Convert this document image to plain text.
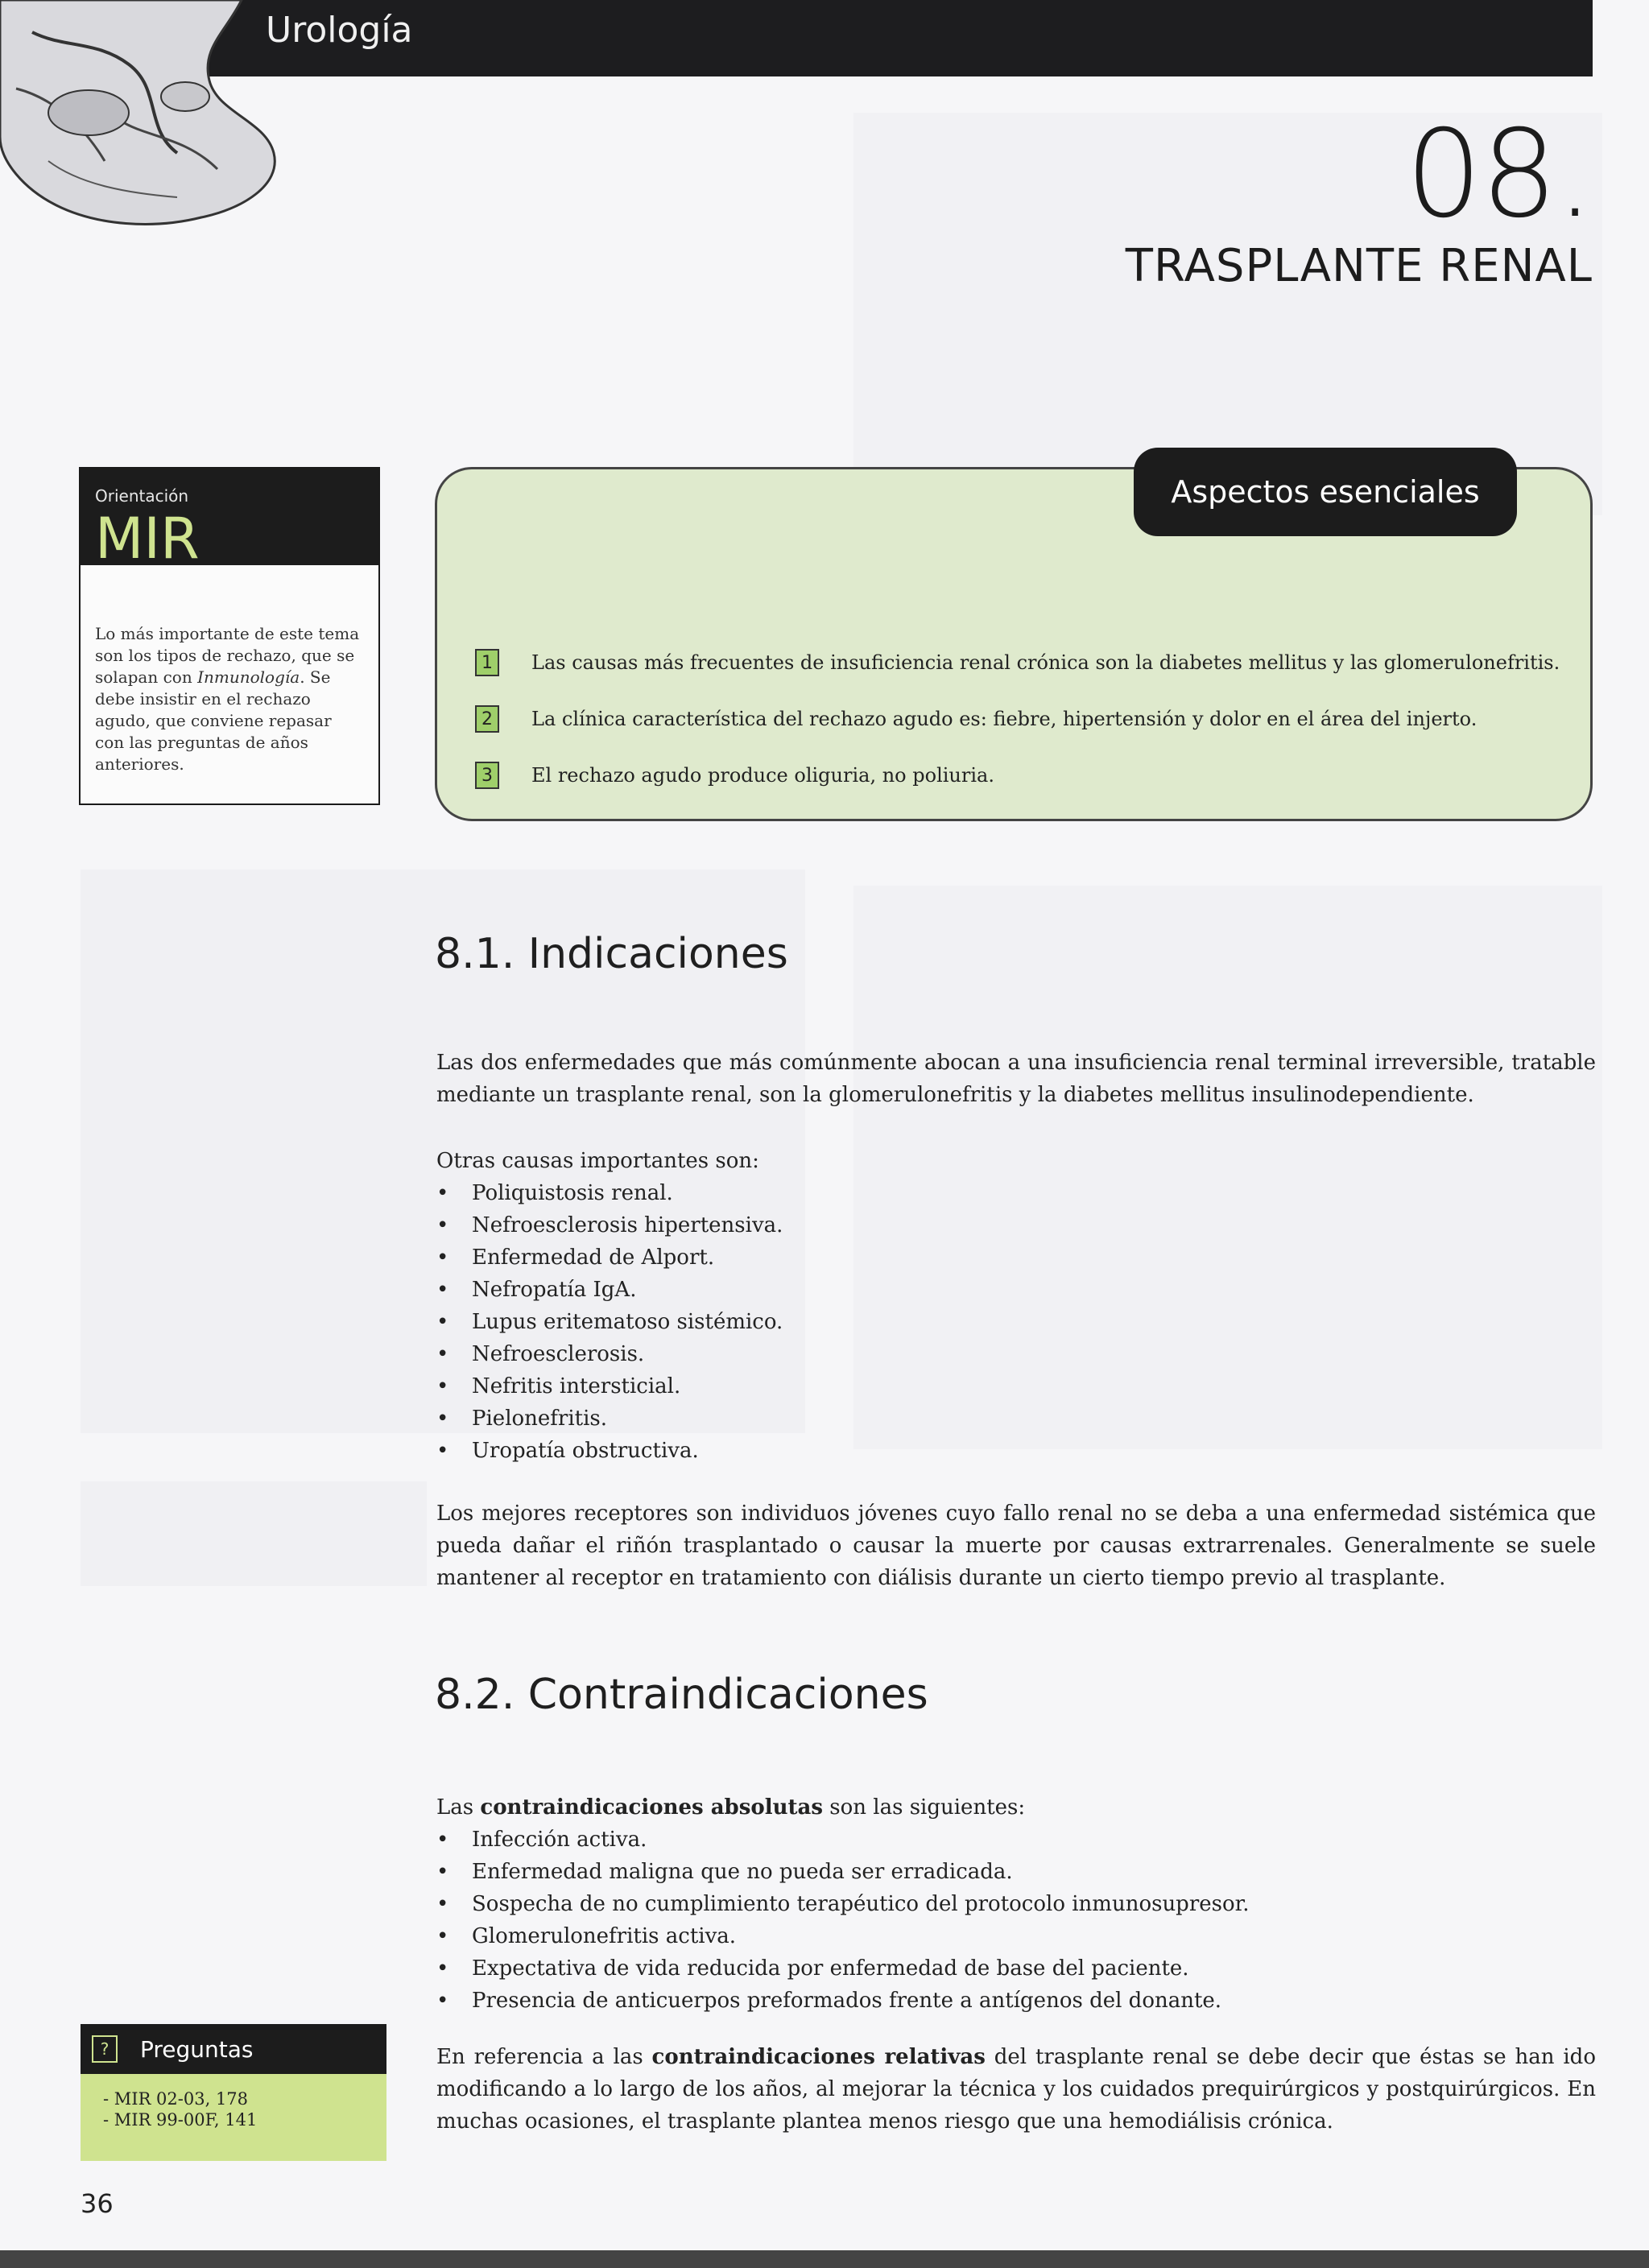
Urología
08.
TRASPLANTE RENAL
Orientación
MIR
Lo más importante de este tema son los tipos de rechazo, que se solapan con Inmunología. Se debe insistir en el rechazo agudo, que conviene repasar con las preguntas de años anteriores.
Aspectos esenciales
1	Las causas más frecuentes de insuficiencia renal crónica son la diabetes mellitus y las glomerulonefritis.
2	La clínica característica del rechazo agudo es: fiebre, hipertensión y dolor en el área del injerto.
3	El rechazo agudo produce oliguria, no poliuria.
8.1. Indicaciones
Las dos enfermedades que más comúnmente abocan a una insuficiencia renal terminal irreversible, tratable mediante un trasplante renal, son la glomerulonefritis y la diabetes mellitus insulinodependiente.
Otras causas importantes son:
• Poliquistosis renal.
• Nefroesclerosis hipertensiva.
• Enfermedad de Alport.
• Nefropatía IgA.
• Lupus eritematoso sistémico.
• Nefroesclerosis.
• Nefritis intersticial.
• Pielonefritis.
• Uropatía obstructiva.
Los mejores receptores son individuos jóvenes cuyo fallo renal no se deba a una enfermedad sistémica que pueda dañar el riñón trasplantado o causar la muerte por causas extrarrenales. Generalmente se suele mantener al receptor en tratamiento con diálisis durante un cierto tiempo previo al trasplante.
8.2. Contraindicaciones
Las contraindicaciones absolutas son las siguientes:
• Infección activa.
• Enfermedad maligna que no pueda ser erradicada.
• Sospecha de no cumplimiento terapéutico del protocolo inmunosupresor.
• Glomerulonefritis activa.
• Expectativa de vida reducida por enfermedad de base del paciente.
• Presencia de anticuerpos preformados frente a antígenos del donante.
En referencia a las contraindicaciones relativas del trasplante renal se debe decir que éstas se han ido modificando a lo largo de los años, al mejorar la técnica y los cuidados prequirúrgicos y postquirúrgicos. En muchas ocasiones, el trasplante plantea menos riesgo que una hemodiálisis crónica.
?	Preguntas
- MIR 02-03, 178
- MIR 99-00F, 141
36
